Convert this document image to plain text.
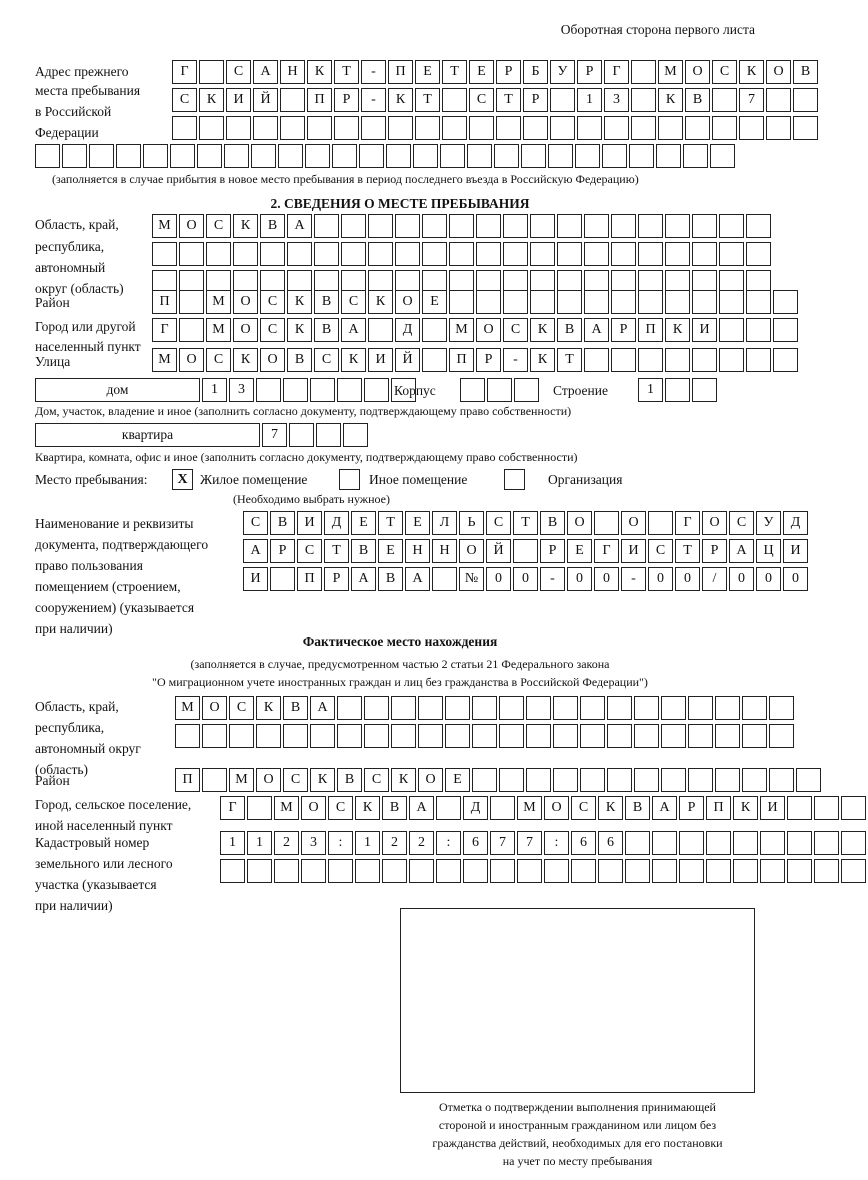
Оборотная сторона первого листа
Адрес прежнего
места пребывания
в Российской
Федерации
Г	С	А	Н	К	Т	-	П	Е	Т	Е	Р	Б	У	Р	Г	М	О	С	К	О	В
С	К	И	Й	П	Р	-	К	Т	С	Т	Р	1	3	К	В	7
(заполняется в случае прибытия в новое место пребывания в период последнего въезда в Российскую Федерацию)
2. СВЕДЕНИЯ О МЕСТЕ ПРЕБЫВАНИЯ
Область, край,
республика,
автономный
округ (область)
М	О	С	К	В	А
Район	П	М	О	С	К	В	С	К	О	Е
Город или другой
населенный пункт
Г	М	О	С	К	В	А	Д	М	О	С	К	В	А	Р	П	К	И
Улица	М	О	С	К	О	В	С	К	И	Й	П	Р	-	К	Т
дом	1	3	Корпус	Строение	1
Дом, участок, владение и иное (заполнить согласно документу, подтверждающему право собственности)
квартира	7
Квартира, комната, офис и иное (заполнить согласно документу, подтверждающему право собственности)
Место пребывания:	X Жилое помещение	Иное помещение	Организация
(Необходимо выбрать нужное)
Наименование и реквизиты
документа, подтверждающего
право пользования
помещением (строением,
сооружением) (указывается
при наличии)
С	В	И	Д	Е	Т	Е	Л	Ь	С	Т	В	О	О	Г	О	С	У	Д
А	Р	С	Т	В	Е	Н	Н	О	Й	Р	Е	Г	И	С	Т	Р	А	Ц	И
И	П	Р	А	В	А	№	0	0	-	0	0	-	0	0	/	0	0	0
Фактическое место нахождения
(заполняется в случае, предусмотренном частью 2 статьи 21 Федерального закона
"О миграционном учете иностранных граждан и лиц без гражданства в Российской Федерации")
Область, край,
республика,
автономный округ
(область)
М	О	С	К	В	А
Район	П	М	О	С	К	В	С	К	О	Е
Город, сельское поселение,
иной населенный пункт
Г	М	О	С	К	В	А	Д	М	О	С	К	В	А	Р	П	К	И
Кадастровый номер
земельного или лесного
участка (указывается
при наличии)
1	1	2	3	:	1	2	2	:	6	7	7	:	6	6
Отметка о подтверждении выполнения принимающей
стороной и иностранным гражданином или лицом без
гражданства действий, необходимых для его постановки
на учет по месту пребывания
